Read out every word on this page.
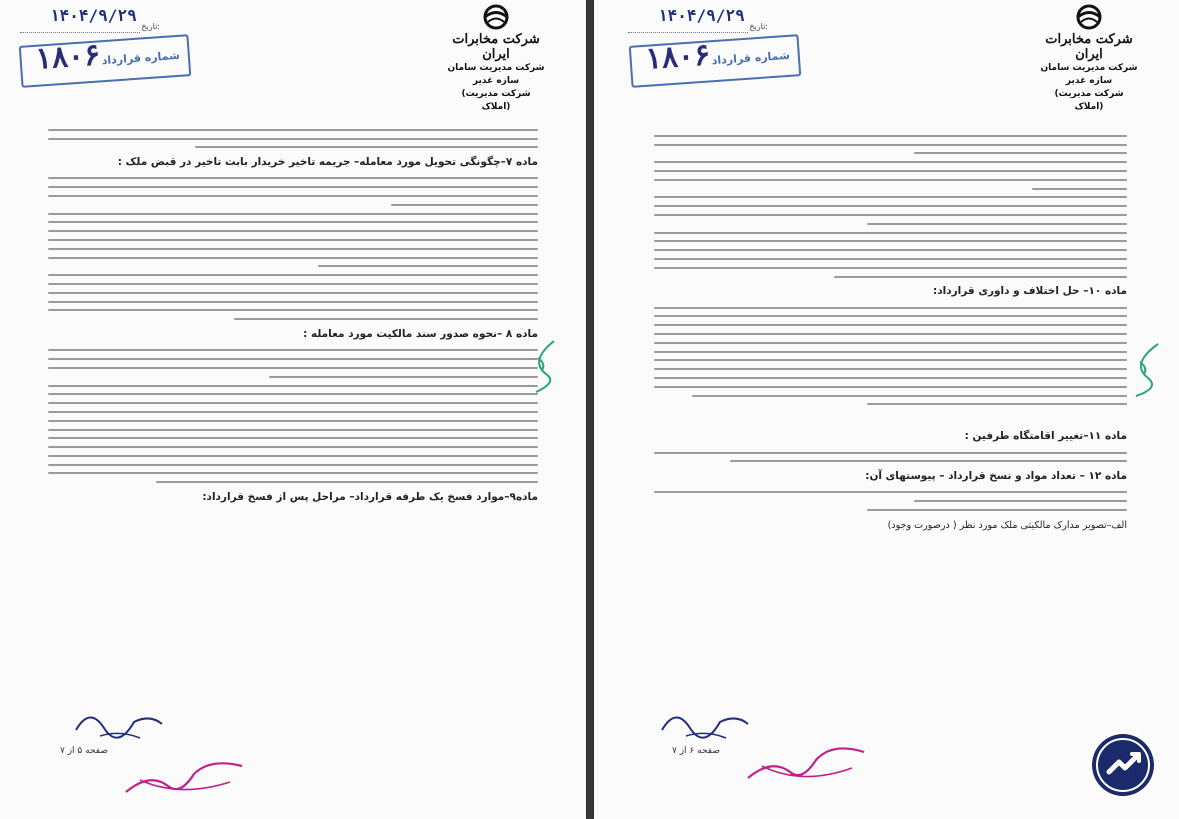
شرکت مخابرات ایران
شرکت مدیریت سامان سازه غدیر
(شرکت مدیریت املاک)
۱۴۰۴/۹/۲۹
تاریخ:
شماره قرارداد
۱۸۰۶

ماده ۷–چگونگی تحویل مورد معامله– جریمه تاخیر خریدار بابت تاخیر در قبض ملک :

ماده ۸ –نحوه صدور سند مالکیت مورد معامله :

ماده۹–موارد فسخ یک طرفه قرارداد– مراحل پس از فسخ قرارداد:

صفحه ۵ از ۷
شرکت مخابرات ایران
شرکت مدیریت سامان سازه غدیر
(شرکت مدیریت املاک)
۱۴۰۴/۹/۲۹
تاریخ:
شماره قرارداد
۱۸۰۶

ماده ۱۰– حل اختلاف و داوری قرارداد:

ماده ۱۱–تغییر اقامتگاه طرفین :

ماده ۱۲ – تعداد مواد و نسخ قرارداد – پیوستهای آن:

الف–تصویر مدارک مالکیتی ملک مورد نظر ( درصورت وجود)

صفحه ۶ از ۷
